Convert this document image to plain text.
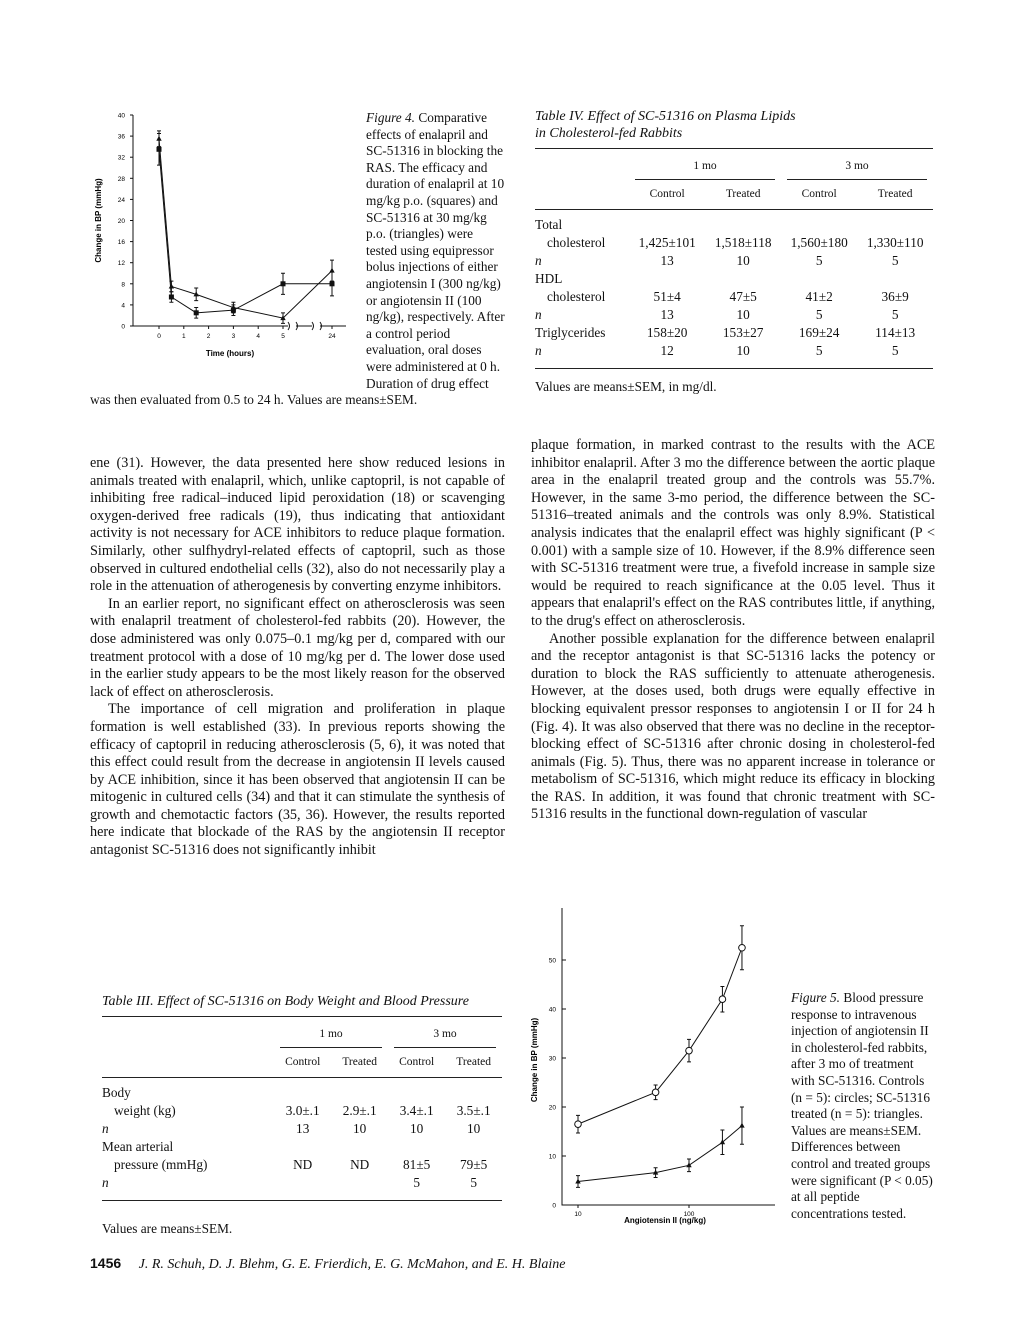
0
4
8
12
16
20
24
28
32
36
40
0	1	2	3	4	5	24
Time (hours)
Change in BP (mmHg)
Figure 4. Comparative effects of enalapril and SC-51316 in blocking the RAS. The efficacy and duration of enalapril at 10 mg/kg p.o. (squares) and SC-51316 at 30 mg/kg p.o. (triangles) were tested using equipressor bolus injections of either angiotensin I (300 ng/kg) or angiotensin II (100 ng/kg), respectively. After a control period evaluation, oral doses were administered at 0 h. Duration of drug effect was then evaluated from 0.5 to 24 h. Values are means±SEM.
Table IV. Effect of SC-51316 on Plasma Lipids
in Cholesterol-fed Rabbits
	1 mo		3 mo	

	Control	Treated	Control	Treated

Total				
cholesterol	1,425±101	1,518±118	1,560±180	1,330±110
n	13	10	5	5
HDL				
cholesterol	51±4	47±5	41±2	36±9
n	13	10	5	5
Triglycerides	158±20	153±27	169±24	114±13
n	12	10	5	5
Values are means±SEM, in mg/dl.

ene (31). However, the data presented here show reduced lesions in animals treated with enalapril, which, unlike captopril, is not capable of inhibiting free radical–induced lipid peroxidation (18) or scavenging oxygen-derived free radicals (19), thus indicating that antioxidant activity is not necessary for ACE inhibitors to reduce plaque formation. Similarly, other sulfhydryl-related effects of captopril, such as those observed in cultured endothelial cells (32), also do not necessarily play a role in the attenuation of atherogenesis by converting enzyme inhibitors.

In an earlier report, no significant effect on atherosclerosis was seen with enalapril treatment of cholesterol-fed rabbits (20). However, the dose administered was only 0.075–0.1 mg/kg per d, compared with our treatment protocol with a dose of 10 mg/kg per d. The lower dose used in the earlier study appears to be the most likely reason for the observed lack of effect on atherosclerosis.

The importance of cell migration and proliferation in plaque formation is well established (33). In previous reports showing the efficacy of captopril in reducing atherosclerosis (5, 6), it was noted that this effect could result from the decrease in angiotensin II levels caused by ACE inhibition, since it has been observed that angiotensin II can be mitogenic in cultured cells (34) and that it can stimulate the synthesis of growth and chemotactic factors (35, 36). However, the results reported here indicate that blockade of the RAS by the angiotensin II receptor antagonist SC-51316 does not significantly inhibit

plaque formation, in marked contrast to the results with the ACE inhibitor enalapril. After 3 mo the difference between the aortic plaque area in the enalapril treated group and the controls was 55.7%. However, in the same 3-mo period, the difference between the SC-51316–treated animals and the controls was only 8.9%. Statistical analysis indicates that the enalapril effect was highly significant (P < 0.001) with a sample size of 10. However, if the 8.9% difference seen with SC-51316 treatment were true, a fivefold increase in sample size would be required to reach significance at the 0.05 level. Thus it appears that enalapril's effect on the RAS contributes little, if anything, to the drug's effect on atherosclerosis.

Another possible explanation for the difference between enalapril and the receptor antagonist is that SC-51316 lacks the potency or duration to block the RAS sufficiently to attenuate atherogenesis. However, at the doses used, both drugs were equally effective in blocking equivalent pressor responses to angiotensin I or II for 24 h (Fig. 4). It was also observed that there was no decline in the receptor-blocking effect of SC-51316 after chronic dosing in cholesterol-fed animals (Fig. 5). Thus, there was no apparent increase in tolerance or metabolism of SC-51316, which might reduce its efficacy in blocking the RAS. In addition, it was found that chronic treatment with SC-51316 results in the functional down-regulation of vascular

Table III. Effect of SC-51316 on Body Weight and Blood Pressure
	1 mo		3 mo	

	Control	Treated	Control	Treated

Body				
weight (kg)	3.0±.1	2.9±.1	3.4±.1	3.5±.1
n	13	10	10	10
Mean arterial				
pressure (mmHg)	ND	ND	81±5	79±5
n			5	5
Values are means±SEM.
0
10
20
30
40
50
10	100
Angiotensin II (ng/kg)
Change in BP (mmHg)
Figure 5. Blood pressure response to intravenous injection of angiotensin II in cholesterol-fed rabbits, after 3 mo of treatment with SC-51316. Controls (n = 5): circles; SC-51316 treated (n = 5): triangles. Values are means±SEM. Differences between control and treated groups were significant (P < 0.05) at all peptide concentrations tested.
1456 J. R. Schuh, D. J. Blehm, G. E. Frierdich, E. G. McMahon, and E. H. Blaine
